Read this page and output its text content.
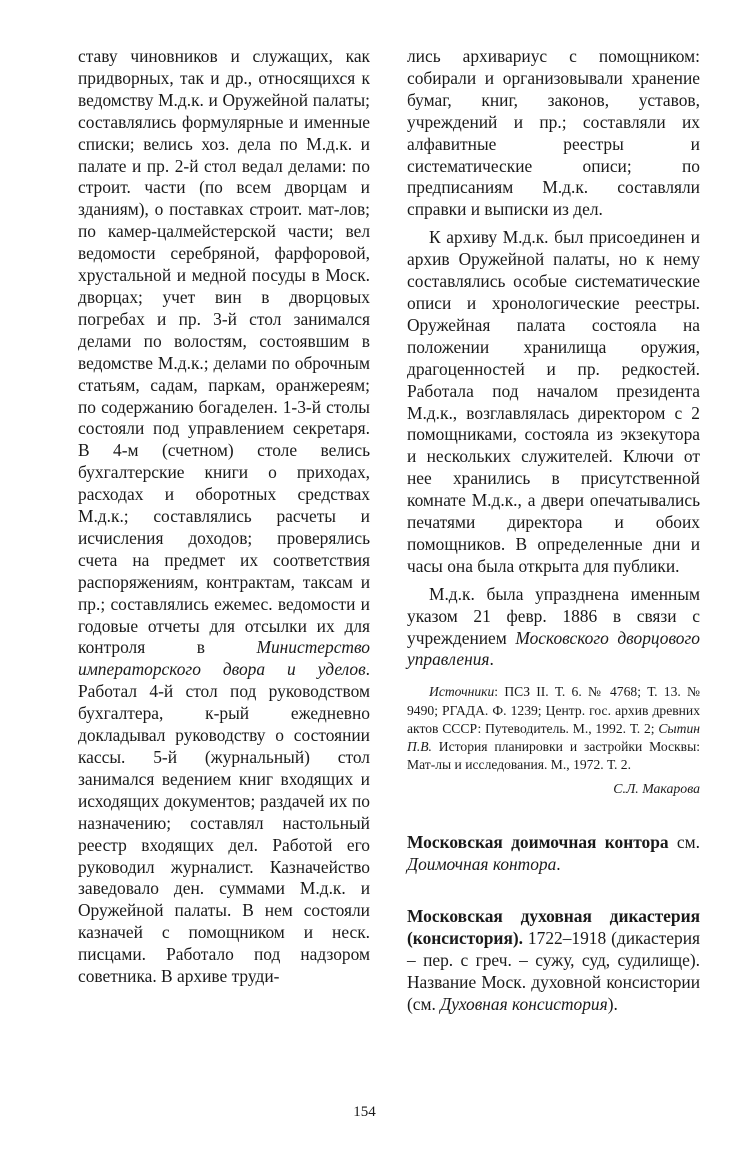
ставу чиновников и служащих, как придворных, так и др., относящихся к ведомству М.д.к. и Оружейной палаты; составлялись формулярные и именные списки; велись хоз. дела по М.д.к. и палате и пр. 2-й стол ведал делами: по строит. части (по всем дворцам и зданиям), о поставках строит. мат-лов; по камер-цалмейстерской части; вел ведомости серебряной, фарфоровой, хрустальной и медной посуды в Моск. дворцах; учет вин в дворцовых погребах и пр. 3-й стол занимался делами по волостям, состоявшим в ведомстве М.д.к.; делами по оброчным статьям, садам, паркам, оранжереям; по содержанию богаделен. 1-3-й столы состояли под управлением секретаря. В 4-м (счетном) столе велись бухгалтерские книги о приходах, расходах и оборотных средствах М.д.к.; составлялись расчеты и исчисления доходов; проверялись счета на предмет их соответствия распоряжениям, контрактам, таксам и пр.; составлялись ежемес. ведомости и годовые отчеты для отсылки их для контроля в	Министерство императорского двора и уделов. Работал 4-й стол под руководством бухгалтера, к-рый ежедневно докладывал руководству о состоянии кассы. 5-й (журнальный) стол занимался ведением книг входящих и исходящих документов; раздачей их по назначению; составлял настольный реестр входящих дел. Работой его руководил журналист. Казначейство заведовало ден. суммами М.д.к. и Оружейной палаты. В нем состояли казначей с помощником и неск. писцами. Работало под надзором советника. В архиве труди-

лись архивариус с помощником: собирали и организовывали хранение бумаг, книг, законов, уставов, учреждений и пр.; составляли их алфавитные реестры и систематические описи; по предписаниям М.д.к. составляли справки и выписки из дел.

К архиву М.д.к. был присоединен и архив Оружейной палаты, но к нему составлялись особые систематические описи и хронологические реестры. Оружейная палата состояла на положении хранилища оружия, драгоценностей и пр. редкостей. Работала под началом президента М.д.к., возглавлялась директором с 2 помощниками, состояла из экзекутора и нескольких служителей. Ключи от нее хранились в присутственной комнате М.д.к., а двери опечатывались печатями директора и обоих помощников. В определенные дни и часы она была открыта для публики.

М.д.к. была упразднена именным указом 21 февр. 1886 в связи с учреждением Московского дворцового управления.

Источники: ПСЗ II. Т. 6. № 4768; Т. 13. № 9490; РГАДА. Ф. 1239; Центр. гос. архив древних актов СССР: Путеводитель. М., 1992. Т. 2; Сытин П.В. История планировки и застройки Москвы: Мат-лы и исследования. М., 1972. Т. 2.

С.Л. Макарова

Московская доимочная контора см. Доимочная контора.

Московская духовная дикастерия (консистория). 1722–1918 (дикастерия – пер. с греч. – сужу, суд, судилище). Название Моск. духовной консистории (см. Духовная консистория).

154
